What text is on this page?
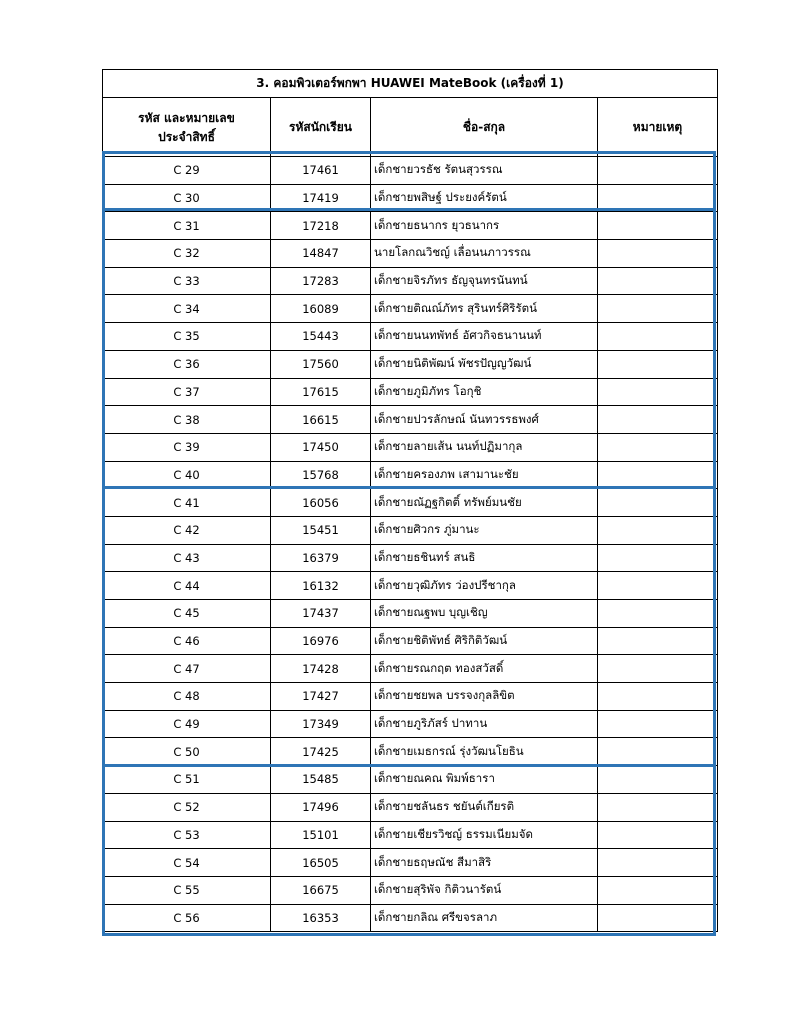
3. คอมพิวเตอร์พกพา HUAWEI MateBook (เครื่องที่ 1)			
รหัส และหมายเลข
ประจำสิทธิ์	รหัสนักเรียน	ชื่อ-สกุล	หมายเหตุ
C 29	17461	เด็กชายวรธัช รัตนสุวรรณ	
C 30	17419	เด็กชายพสิษฐ์ ประยงค์รัตน์	
C 31	17218	เด็กชายธนากร ยุวธนากร	
C 32	14847	นายโลกณวิชญ์ เลื่อนนภาวรรณ	
C 33	17283	เด็กชายจิรภัทร ธัญจุนทรนันทน์	
C 34	16089	เด็กชายติณณ์ภัทร สุรินทร์ศิริรัตน์	
C 35	15443	เด็กชายนนทพัทธ์ อัศวกิจธนานนท์	
C 36	17560	เด็กชายนิติพัฒน์ พัชรปัญญวัฒน์	
C 37	17615	เด็กชายภูมิภัทร โอกุชิ	
C 38	16615	เด็กชายปวรลักษณ์ นันทวรรธพงศ์	
C 39	17450	เด็กชายลายเส้น นนท์ปฏิมากุล	
C 40	15768	เด็กชายครองภพ เสามานะชัย	
C 41	16056	เด็กชายณัฏฐกิตติ์ ทรัพย์มนชัย	
C 42	15451	เด็กชายศิวกร ภู่มานะ	
C 43	16379	เด็กชายธชินทร์ สนธิ	
C 44	16132	เด็กชายวุฒิภัทร ว่องปรีชากุล	
C 45	17437	เด็กชายณฐพบ บุญเชิญ	
C 46	16976	เด็กชายชิติพัทธ์ ศิริกิติวัฒน์	
C 47	17428	เด็กชายรณกฤต ทองสวัสดิ์	
C 48	17427	เด็กชายชยพล บรรจงกุลลิขิต	
C 49	17349	เด็กชายภูริภัสร์ ปาทาน	
C 50	17425	เด็กชายเมธกรณ์ รุ่งวัฒนโยธิน	
C 51	15485	เด็กชายณคณ พิมพ์ธารา	
C 52	17496	เด็กชายชลันธร ชยันต์เกียรติ	
C 53	15101	เด็กชายเชียรวิชญ์ ธรรมเนียมจัด	
C 54	16505	เด็กชายธฤษณัช สีมาสิริ	
C 55	16675	เด็กชายสุริพัจ กิติวนารัตน์	
C 56	16353	เด็กชายกลิณ ศรีขจรลาภ	
